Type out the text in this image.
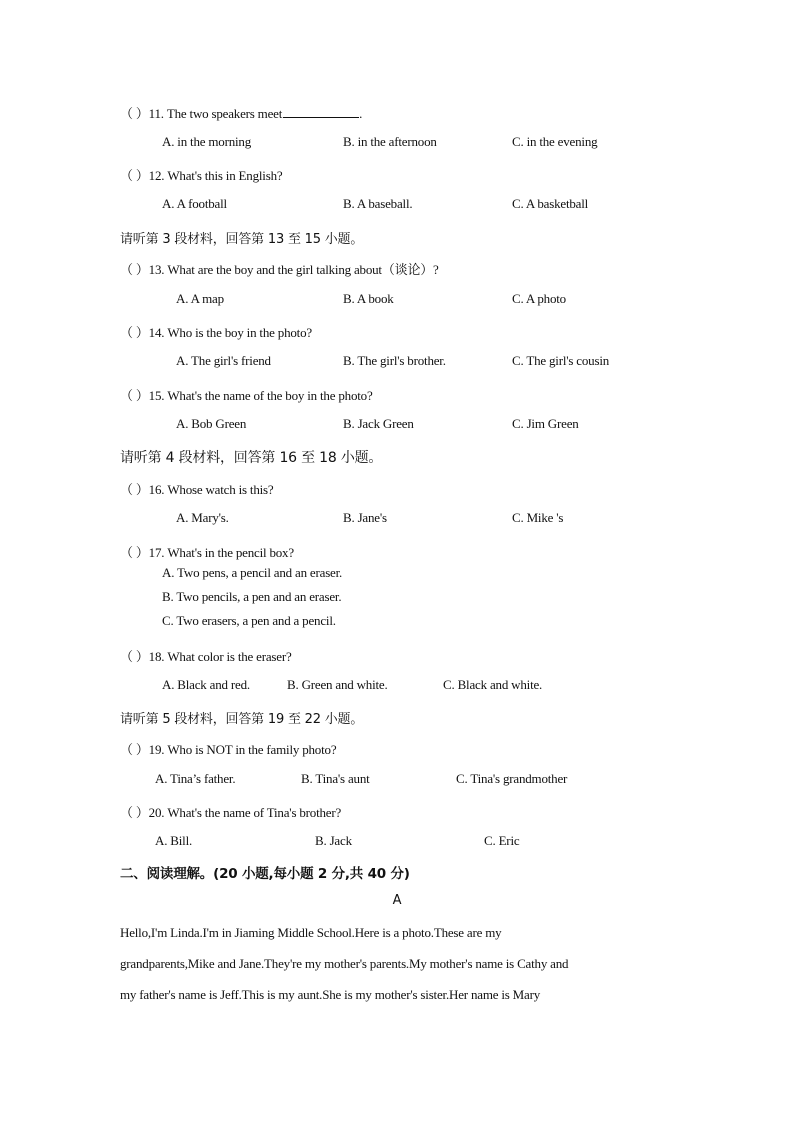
（ ）11. The two speakers meet	.
A. in the morning	B. in the afternoon	C. in the evening
（ ）12. What's this in English?
A. A football	B. A baseball.	C. A basketball
请听第 3 段材料，回答第 13 至 15 小题。
（ ）13. What are the boy and the girl talking about（谈论）?
A. A map	B. A book	C. A photo
（ ）14. Who is the boy in the photo?
A. The girl's friend	B. The girl's brother.	C. The girl's cousin
（ ）15. What's the name of the boy in the photo?
A. Bob Green	B. Jack Green	C. Jim Green
请听第 4 段材料，回答第 16 至 18 小题。
（ ）16. Whose watch is this?
A. Mary's.	B. Jane's	C. Mike 's
（ ）17. What's in the pencil box?
A. Two pens, a pencil and an eraser.
B. Two pencils, a pen and an eraser.
C. Two erasers, a pen and a pencil.
（ ）18. What color is the eraser?
A. Black and red.	B. Green and white.	C. Black and white.
请听第 5 段材料，回答第 19 至 22 小题。
（ ）19. Who is NOT in the family photo?
A. Tina’s father.	B. Tina's aunt	C. Tina's grandmother
（ ）20. What's the name of Tina's brother?
A. Bill.	B. Jack	C. Eric
二、阅读理解。(20 小题,每小题 2 分,共 40 分)
A
Hello,I'm Linda.I'm in Jiaming Middle School.Here is a photo.These are my
grandparents,Mike and Jane.They're my mother's parents.My mother's name is Cathy and
my father's name is Jeff.This is my aunt.She is my mother's sister.Her name is Mary
